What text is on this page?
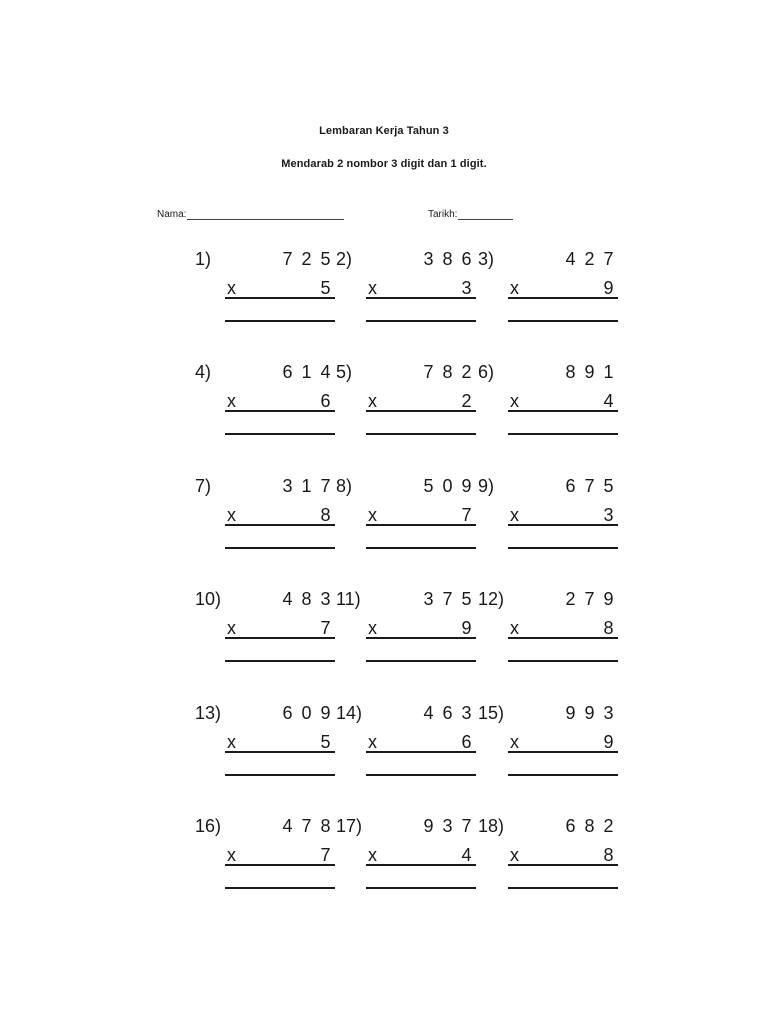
Lembaran Kerja Tahun 3
Mendarab 2 nombor 3 digit dan 1 digit.
Nama:	Tarikh:
1)	7 2 5
x	5
2)	3 8 6
x	3
3)	4 2 7
x	9
4)	6 1 4
x	6
5)	7 8 2
x	2
6)	8 9 1
x	4
7)	3 1 7
x	8
8)	5 0 9
x	7
9)	6 7 5
x	3
10)	4 8 3
x	7
11)	3 7 5
x	9
12)	2 7 9
x	8
13)	6 0 9
x	5
14)	4 6 3
x	6
15)	9 9 3
x	9
16)	4 7 8
x	7
17)	9 3 7
x	4
18)	6 8 2
x	8
